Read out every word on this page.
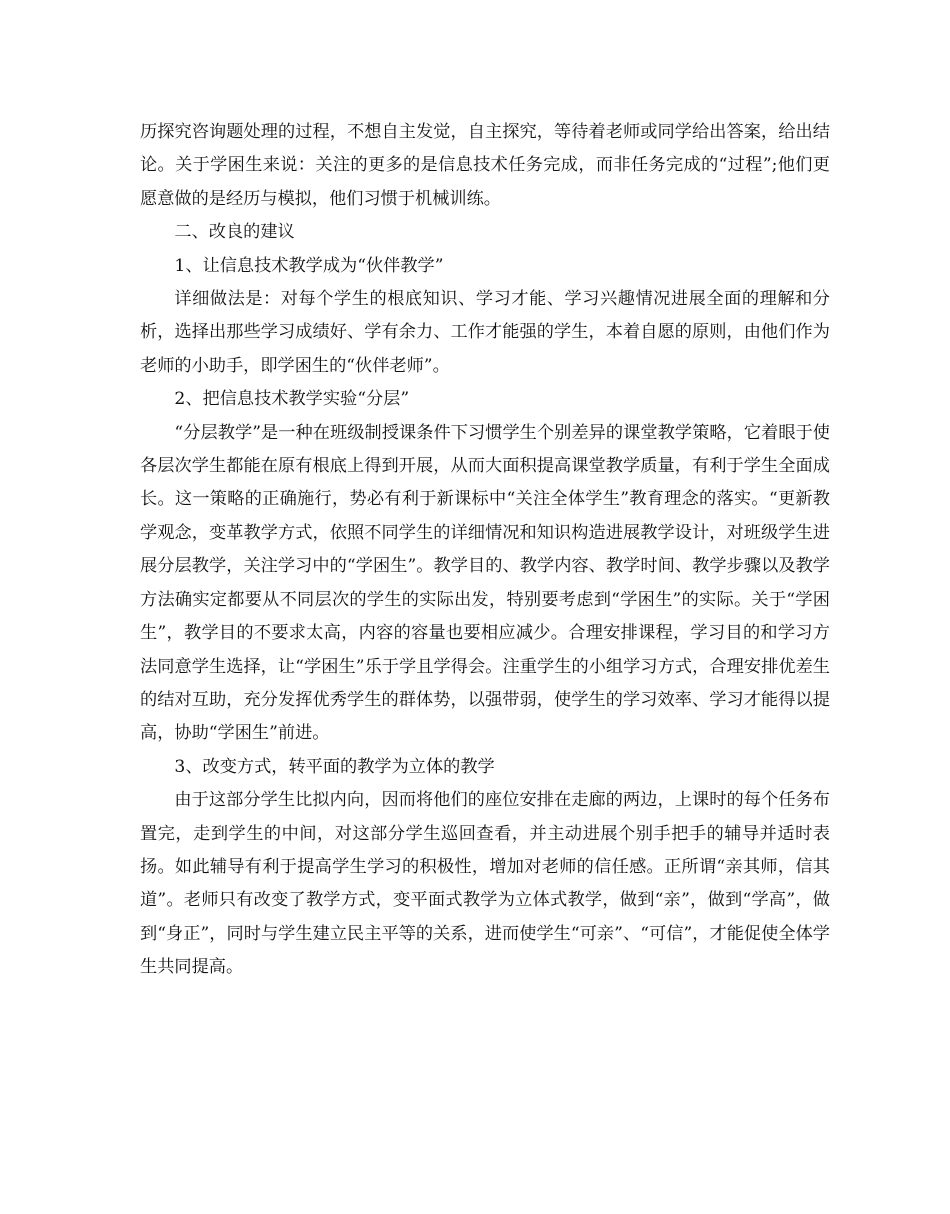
历探究咨询题处理的过程，不想自主发觉，自主探究，等待着老师或同学给出答案，给出结论。关于学困生来说：关注的更多的是信息技术任务完成，而非任务完成的“过程”;他们更愿意做的是经历与模拟，他们习惯于机械训练。

二、改良的建议

1、让信息技术教学成为“伙伴教学”

详细做法是：对每个学生的根底知识、学习才能、学习兴趣情况进展全面的理解和分析，选择出那些学习成绩好、学有余力、工作才能强的学生，本着自愿的原则，由他们作为老师的小助手，即学困生的“伙伴老师”。

2、把信息技术教学实验“分层”

“分层教学”是一种在班级制授课条件下习惯学生个别差异的课堂教学策略，它着眼于使各层次学生都能在原有根底上得到开展，从而大面积提高课堂教学质量，有利于学生全面成长。这一策略的正确施行，势必有利于新课标中“关注全体学生”教育理念的落实。“更新教学观念，变革教学方式，依照不同学生的详细情况和知识构造进展教学设计，对班级学生进展分层教学，关注学习中的“学困生”。教学目的、教学内容、教学时间、教学步骤以及教学方法确实定都要从不同层次的学生的实际出发，特别要考虑到“学困生”的实际。关于“学困生”，教学目的不要求太高，内容的容量也要相应减少。合理安排课程，学习目的和学习方法同意学生选择，让“学困生”乐于学且学得会。注重学生的小组学习方式，合理安排优差生的结对互助，充分发挥优秀学生的群体势，以强带弱，使学生的学习效率、学习才能得以提高，协助“学困生”前进。

3、改变方式，转平面的教学为立体的教学

由于这部分学生比拟内向，因而将他们的座位安排在走廊的两边，上课时的每个任务布置完，走到学生的中间，对这部分学生巡回查看，并主动进展个别手把手的辅导并适时表扬。如此辅导有利于提高学生学习的积极性，增加对老师的信任感。正所谓“亲其师，信其道”。老师只有改变了教学方式，变平面式教学为立体式教学，做到“亲”，做到“学高”，做到“身正”，同时与学生建立民主平等的关系，进而使学生“可亲”、“可信”，才能促使全体学生共同提高。
